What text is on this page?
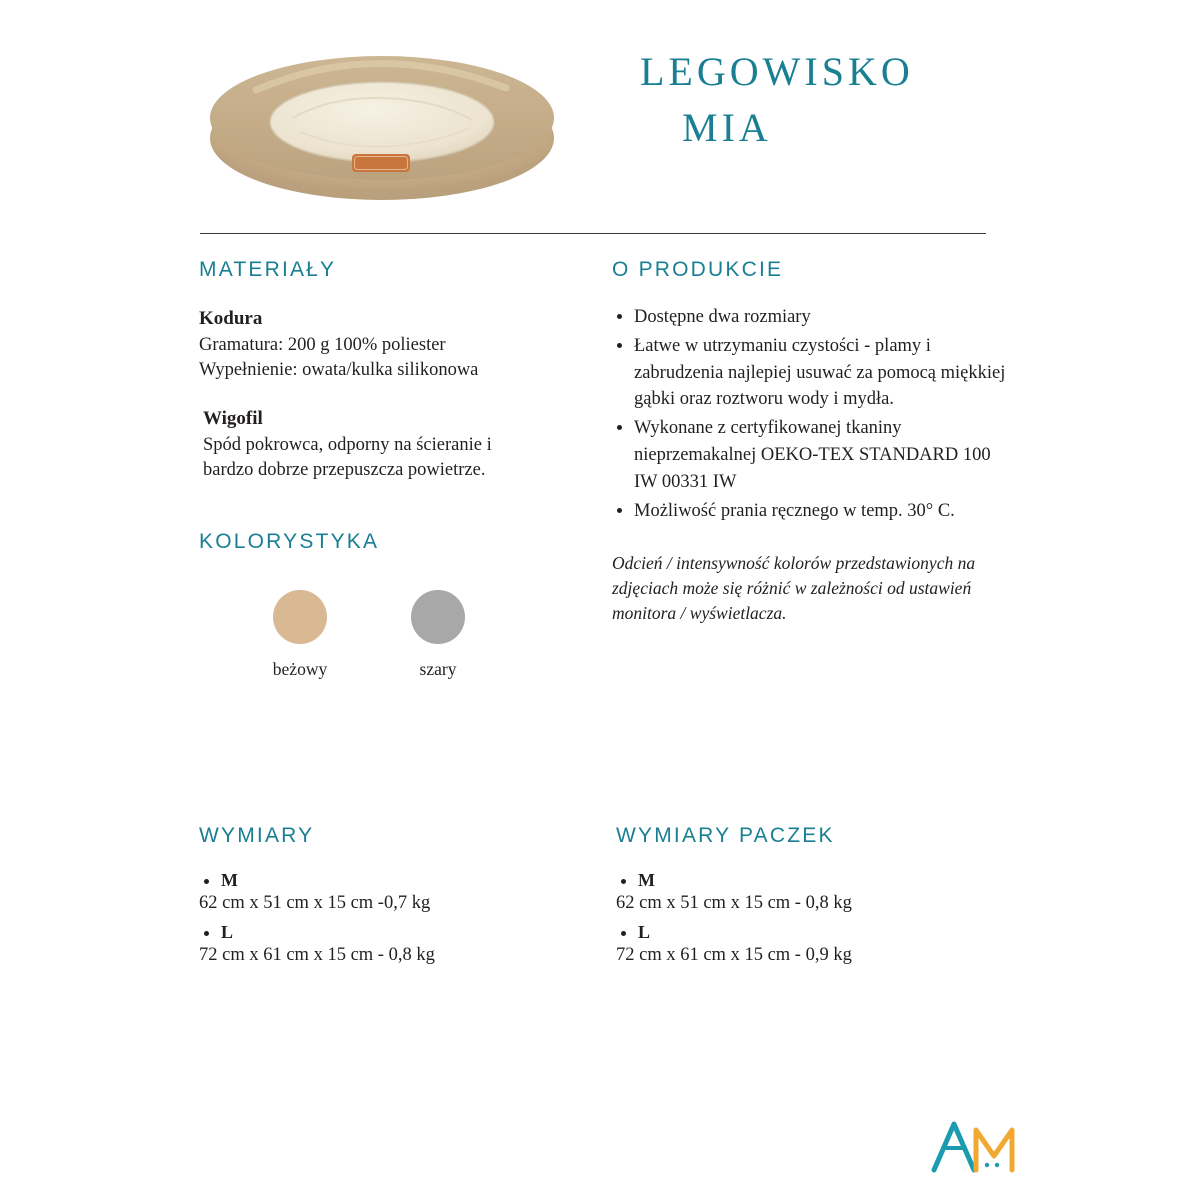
LEGOWISKO
MIA
MATERIAŁY
Kodura
Gramatura: 200 g 100% poliester
Wypełnienie: owata/kulka silikonowa
Wigofil
Spód pokrowca, odporny na ścieranie i
bardzo dobrze przepuszcza powietrze.
KOLORYSTYKA
beżowy	szary
O PRODUKCIE
• Dostępne dwa rozmiary
• Łatwe w utrzymaniu czystości - plamy i zabrudzenia najlepiej usuwać za pomocą miękkiej gąbki oraz roztworu wody i mydła.
• Wykonane z certyfikowanej tkaniny nieprzemakalnej OEKO-TEX STANDARD 100 IW 00331 IW
• Możliwość prania ręcznego w temp. 30° C.
Odcień / intensywność kolorów przedstawionych na zdjęciach może się różnić w zależności od ustawień monitora / wyświetlacza.
WYMIARY
• M
62 cm x 51 cm x 15 cm -0,7 kg
• L
72 cm x 61 cm x 15 cm - 0,8 kg
WYMIARY PACZEK
• M
62 cm x 51 cm x 15 cm - 0,8 kg
• L
72 cm x 61 cm x 15 cm - 0,9 kg
